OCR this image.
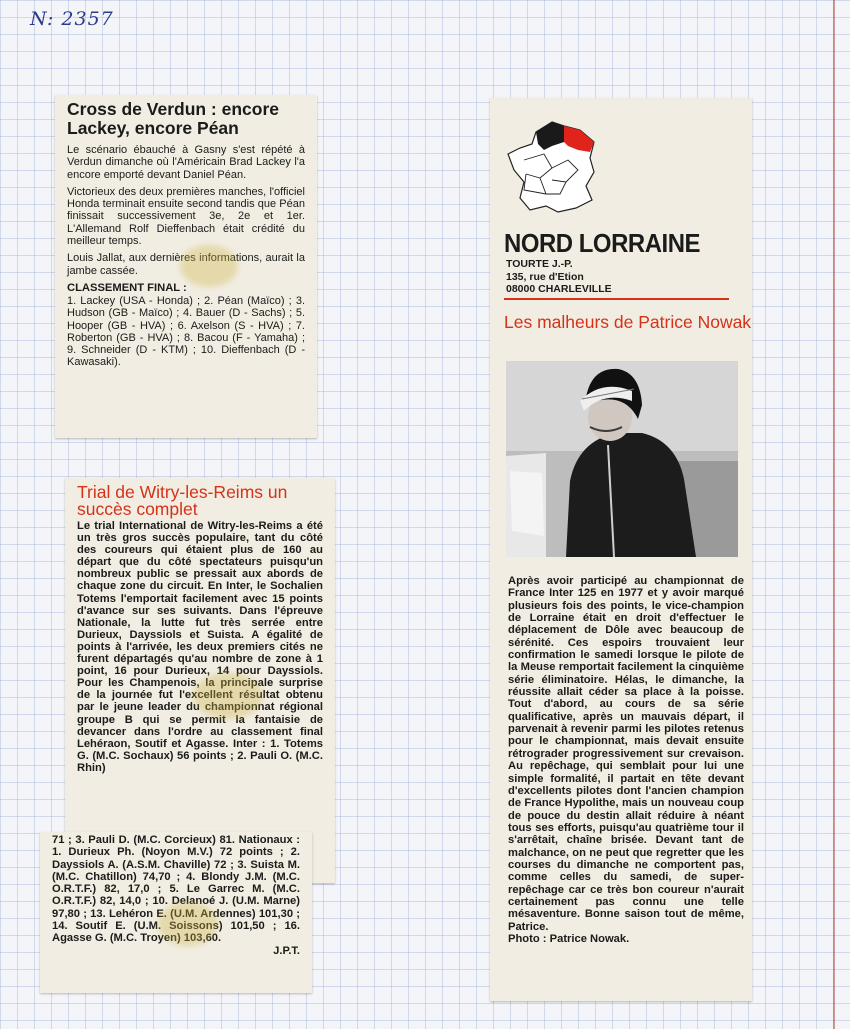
N: 2357
Cross de Verdun : encore Lackey, encore Péan

Le scénario ébauché à Gasny s'est répété à Verdun dimanche où l'Américain Brad Lackey l'a encore emporté devant Daniel Péan.

Victorieux des deux premières manches, l'officiel Honda terminait ensuite second tandis que Péan finissait successivement 3e, 2e et 1er. L'Allemand Rolf Dieffenbach était crédité du meilleur temps.

Louis Jallat, aux dernières informations, aurait la jambe cassée.

CLASSEMENT FINAL :

1. Lackey (USA - Honda) ; 2. Péan (Maïco) ; 3. Hudson (GB - Maïco) ; 4. Bauer (D - Sachs) ; 5. Hooper (GB - HVA) ; 6. Axelson (S - HVA) ; 7. Roberton (GB - HVA) ; 8. Bacou (F - Yamaha) ; 9. Schneider (D - KTM) ; 10. Dieffenbach (D - Kawasaki).

Trial de Witry-les-Reims un succès complet

Le trial International de Witry-les-Reims a été un très gros succès populaire, tant du côté des coureurs qui étaient plus de 160 au départ que du côté spectateurs puisqu'un nombreux public se pressait aux abords de chaque zone du circuit. En Inter, le Sochalien Totems l'emportait facilement avec 15 points d'avance sur ses suivants. Dans l'épreuve Nationale, la lutte fut très serrée entre Durieux, Dayssiols et Suista. A égalité de points à l'arrivée, les deux premiers cités ne furent départagés qu'au nombre de zone à 1 point, 16 pour Durieux, 14 pour Dayssiols. Pour les Champenois, la principale surprise de la journée fut l'excellent résultat obtenu par le jeune leader du championnat régional groupe B qui se permit la fantaisie de devancer dans l'ordre au classement final Lehéraon, Soutif et Agasse. Inter : 1. Totems G. (M.C. Sochaux) 56 points ; 2. Pauli O. (M.C. Rhin)

71 ; 3. Pauli D. (M.C. Corcieux) 81. Nationaux : 1. Durieux Ph. (Noyon M.V.) 72 points ; 2. Dayssiols A. (A.S.M. Chaville) 72 ; 3. Suista M. (M.C. Chatillon) 74,70 ; 4. Blondy J.M. (M.C. O.R.T.F.) 82, 17,0 ; 5. Le Garrec M. (M.C. O.R.T.F.) 82, 14,0 ; 10. Delanoé J. (U.M. Marne) 97,80 ; 13. Lehéron E. (U.M. Ardennes) 101,30 ; 14. Soutif E. (U.M. Soissons) 101,50 ; 16. Agasse G. (M.C. Troyen) 103,60.

J.P.T.
NORD LORRAINE
TOURTE J.-P.
135, rue d'Etion
08000 CHARLEVILLE
Les malheurs de Patrice Nowak

Après avoir participé au championnat de France Inter 125 en 1977 et y avoir marqué plusieurs fois des points, le vice-champion de Lorraine était en droit d'effectuer le déplacement de Dôle avec beaucoup de sérénité. Ces espoirs trouvaient leur confirmation le samedi lorsque le pilote de la Meuse remportait facilement la cinquième série éliminatoire. Hélas, le dimanche, la réussite allait céder sa place à la poisse. Tout d'abord, au cours de sa série qualificative, après un mauvais départ, il parvenait à revenir parmi les pilotes retenus pour le championnat, mais devait ensuite rétrograder progressivement sur crevaison. Au repêchage, qui semblait pour lui une simple formalité, il partait en tête devant d'excellents pilotes dont l'ancien champion de France Hypolithe, mais un nouveau coup de pouce du destin allait réduire à néant tous ses efforts, puisqu'au quatrième tour il s'arrêtait, chaîne brisée. Devant tant de malchance, on ne peut que regretter que les courses du dimanche ne comportent pas, comme celles du samedi, de super-repêchage car ce très bon coureur n'aurait certainement pas connu une telle mésaventure. Bonne saison tout de même, Patrice.

Photo : Patrice Nowak.
